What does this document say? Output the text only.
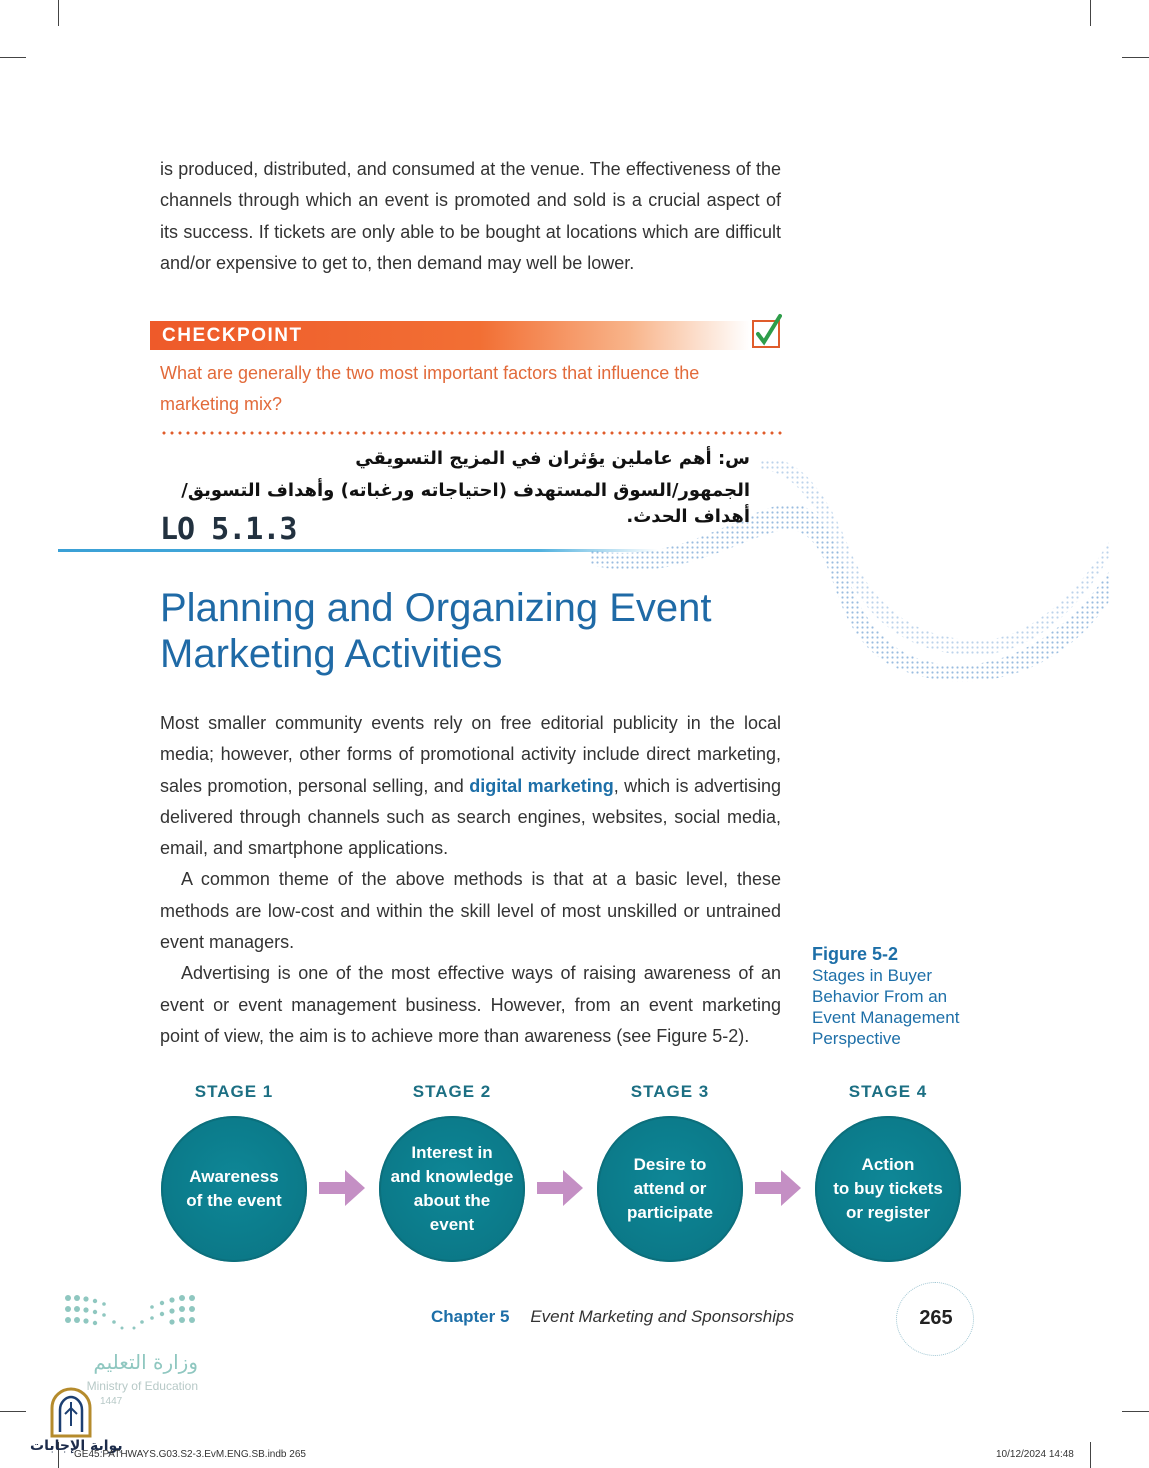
is produced, distributed, and consumed at the venue. The effectiveness of the channels through which an event is promoted and sold is a crucial aspect of its success. If tickets are only able to be bought at locations which are difficult and/or expensive to get to, then demand may well be lower.

CHECKPOINT
What are generally the two most important factors that influence the marketing mix?
س: أهم عاملين يؤثران في المزيج التسويقي
الجمهور/السوق المستهدف (احتياجاته ورغباته) وأهداف التسويق/أهداف الحدث.
LO 5.1.3
Planning and Organizing Event
Marketing Activities

Most smaller community events rely on free editorial publicity in the local media; however, other forms of promotional activity include direct marketing, sales promotion, personal selling, and digital marketing, which is advertising delivered through channels such as search engines, websites, social media, email, and smartphone applications.

A common theme of the above methods is that at a basic level, these methods are low-cost and within the skill level of most unskilled or untrained event managers.

Advertising is one of the most effective ways of raising awareness of an event or event management business. However, from an event marketing point of view, the aim is to achieve more than awareness (see Figure 5-2).

Figure 5-2
Stages in Buyer
Behavior From an
Event Management
Perspective
STAGE 1	STAGE 2	STAGE 3	STAGE 4
Awareness
of the event
Interest in
and knowledge
about the
event
Desire to
attend or
participate
Action
to buy tickets
or register
وزارة التعليم
Ministry of Education
1447
بوابة الإجابات
Chapter 5 Event Marketing and Sponsorships	265
GE45.PATHWAYS.G03.S2-3.EvM.ENG.SB.indb 265	10/12/2024 14:48
